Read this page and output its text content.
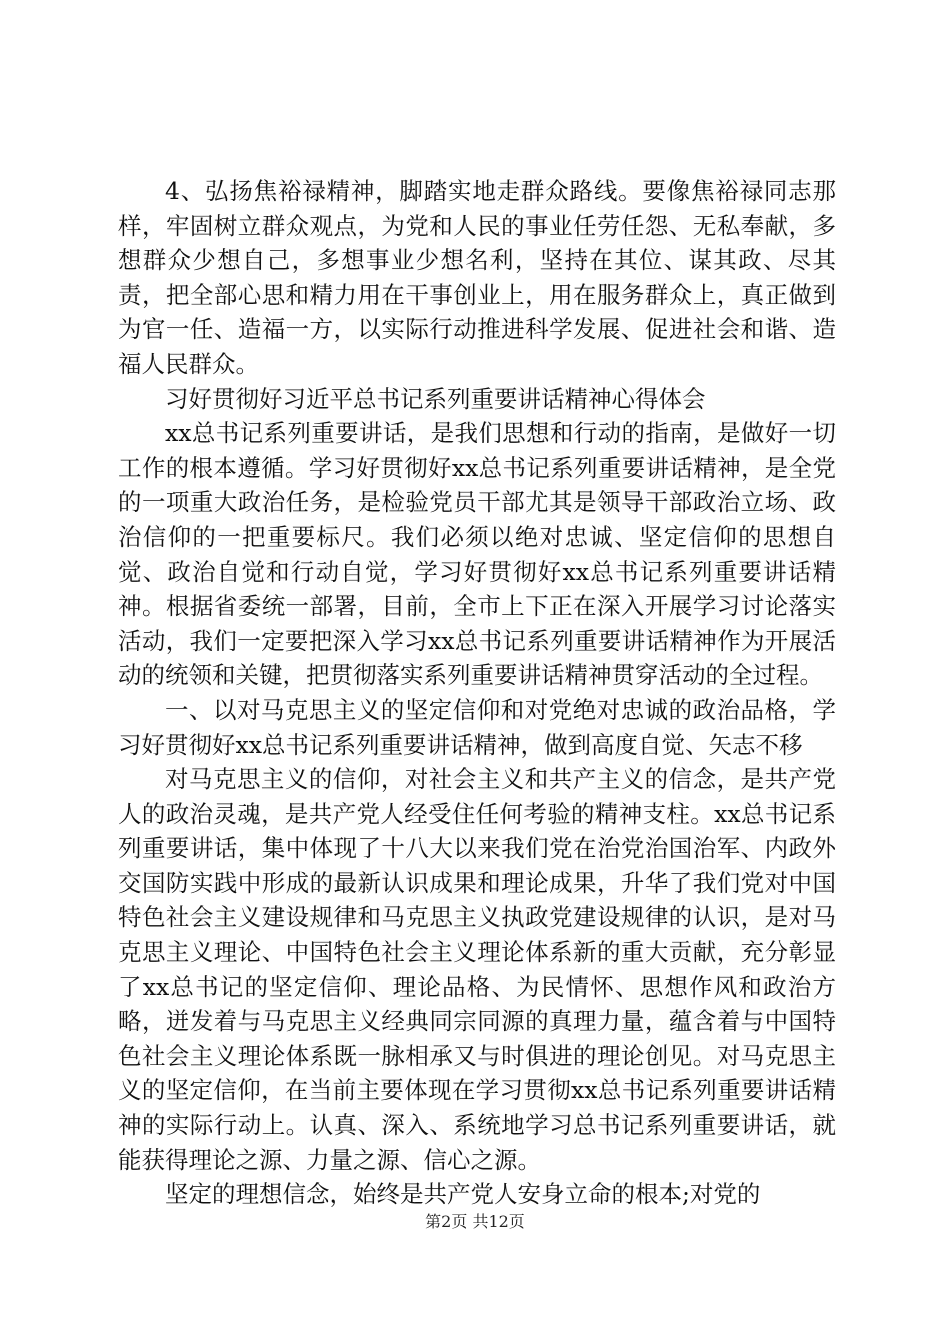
4、弘扬焦裕禄精神，脚踏实地走群众路线。要像焦裕禄同志那样，牢固树立群众观点，为党和人民的事业任劳任怨、无私奉献，多想群众少想自己，多想事业少想名利，坚持在其位、谋其政、尽其责，把全部心思和精力用在干事创业上，用在服务群众上，真正做到为官一任、造福一方，以实际行动推进科学发展、促进社会和谐、造福人民群众。

习好贯彻好习近平总书记系列重要讲话精神心得体会

xx总书记系列重要讲话，是我们思想和行动的指南，是做好一切工作的根本遵循。学习好贯彻好xx总书记系列重要讲话精神，是全党的一项重大政治任务，是检验党员干部尤其是领导干部政治立场、政治信仰的一把重要标尺。我们必须以绝对忠诚、坚定信仰的思想自觉、政治自觉和行动自觉，学习好贯彻好xx总书记系列重要讲话精神。根据省委统一部署，目前，全市上下正在深入开展学习讨论落实活动，我们一定要把深入学习xx总书记系列重要讲话精神作为开展活动的统领和关键，把贯彻落实系列重要讲话精神贯穿活动的全过程。

一、以对马克思主义的坚定信仰和对党绝对忠诚的政治品格，学习好贯彻好xx总书记系列重要讲话精神，做到高度自觉、矢志不移

对马克思主义的信仰，对社会主义和共产主义的信念，是共产党人的政治灵魂，是共产党人经受住任何考验的精神支柱。xx总书记系列重要讲话，集中体现了十八大以来我们党在治党治国治军、内政外交国防实践中形成的最新认识成果和理论成果，升华了我们党对中国特色社会主义建设规律和马克思主义执政党建设规律的认识，是对马克思主义理论、中国特色社会主义理论体系新的重大贡献，充分彰显了xx总书记的坚定信仰、理论品格、为民情怀、思想作风和政治方略，迸发着与马克思主义经典同宗同源的真理力量，蕴含着与中国特色社会主义理论体系既一脉相承又与时俱进的理论创见。对马克思主义的坚定信仰，在当前主要体现在学习贯彻xx总书记系列重要讲话精神的实际行动上。认真、深入、系统地学习总书记系列重要讲话，就能获得理论之源、力量之源、信心之源。

坚定的理想信念，始终是共产党人安身立命的根本;对党的

第2页 共12页
